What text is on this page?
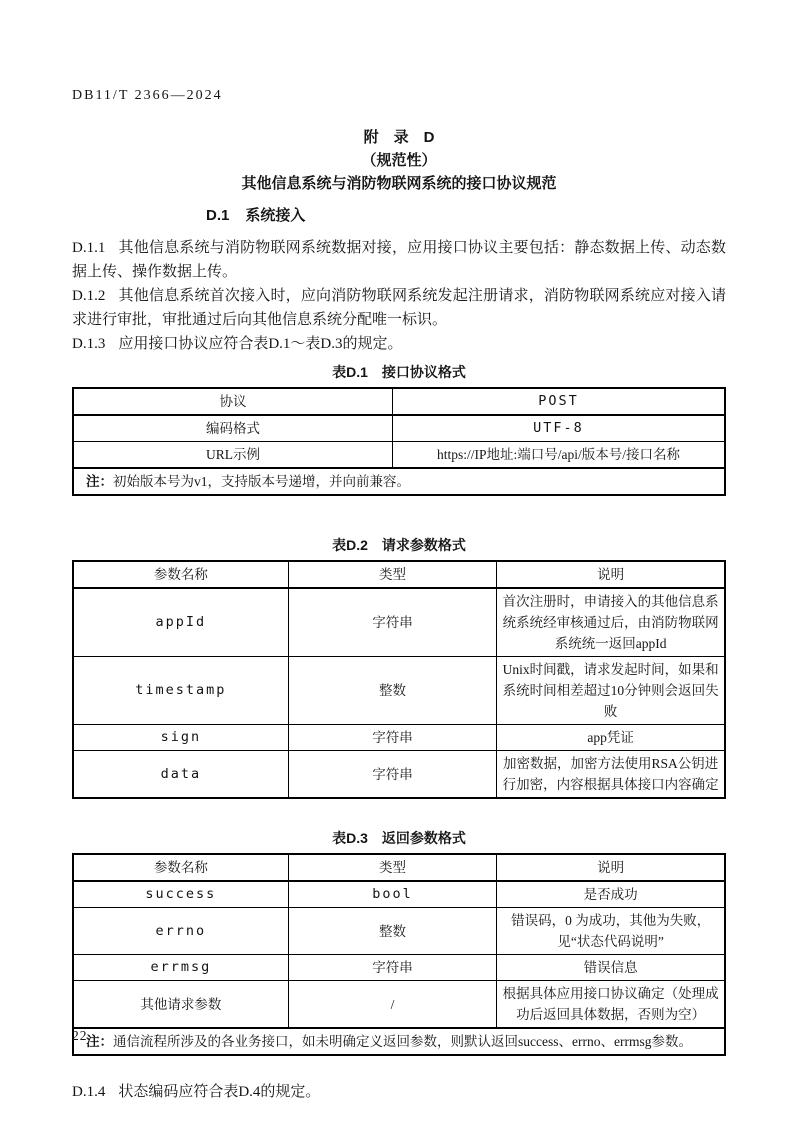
DB11/T 2366—2024
附　录　D
（规范性）
其他信息系统与消防物联网系统的接口协议规范
D.1 系统接入
D.1.1 其他信息系统与消防物联网系统数据对接，应用接口协议主要包括：静态数据上传、动态数据上传、操作数据上传。
D.1.2 其他信息系统首次接入时，应向消防物联网系统发起注册请求，消防物联网系统应对接入请求进行审批，审批通过后向其他信息系统分配唯一标识。
D.1.3 应用接口协议应符合表D.1～表D.3的规定。
表D.1　接口协议格式
协议	POST
编码格式	UTF-8
URL示例	https://IP地址:端口号/api/版本号/接口名称
注：初始版本号为v1，支持版本号递增，并向前兼容。	
表D.2　请求参数格式
参数名称	类型	说明
appId	字符串	首次注册时，申请接入的其他信息系统系统经审核通过后，由消防物联网系统统一返回appId
timestamp	整数	Unix时间戳，请求发起时间，如果和系统时间相差超过10分钟则会返回失败
sign	字符串	app凭证
data	字符串	加密数据，加密方法使用RSA公钥进行加密，内容根据具体接口内容确定
表D.3　返回参数格式
参数名称	类型	说明
success	bool	是否成功
errno	整数	错误码，0 为成功，其他为失败，见“状态代码说明”
errmsg	字符串	错误信息
其他请求参数	/	根据具体应用接口协议确定（处理成功后返回具体数据，否则为空）
注：通信流程所涉及的各业务接口，如未明确定义返回参数，则默认返回success、errno、errmsg参数。		
D.1.4 状态编码应符合表D.4的规定。
22
